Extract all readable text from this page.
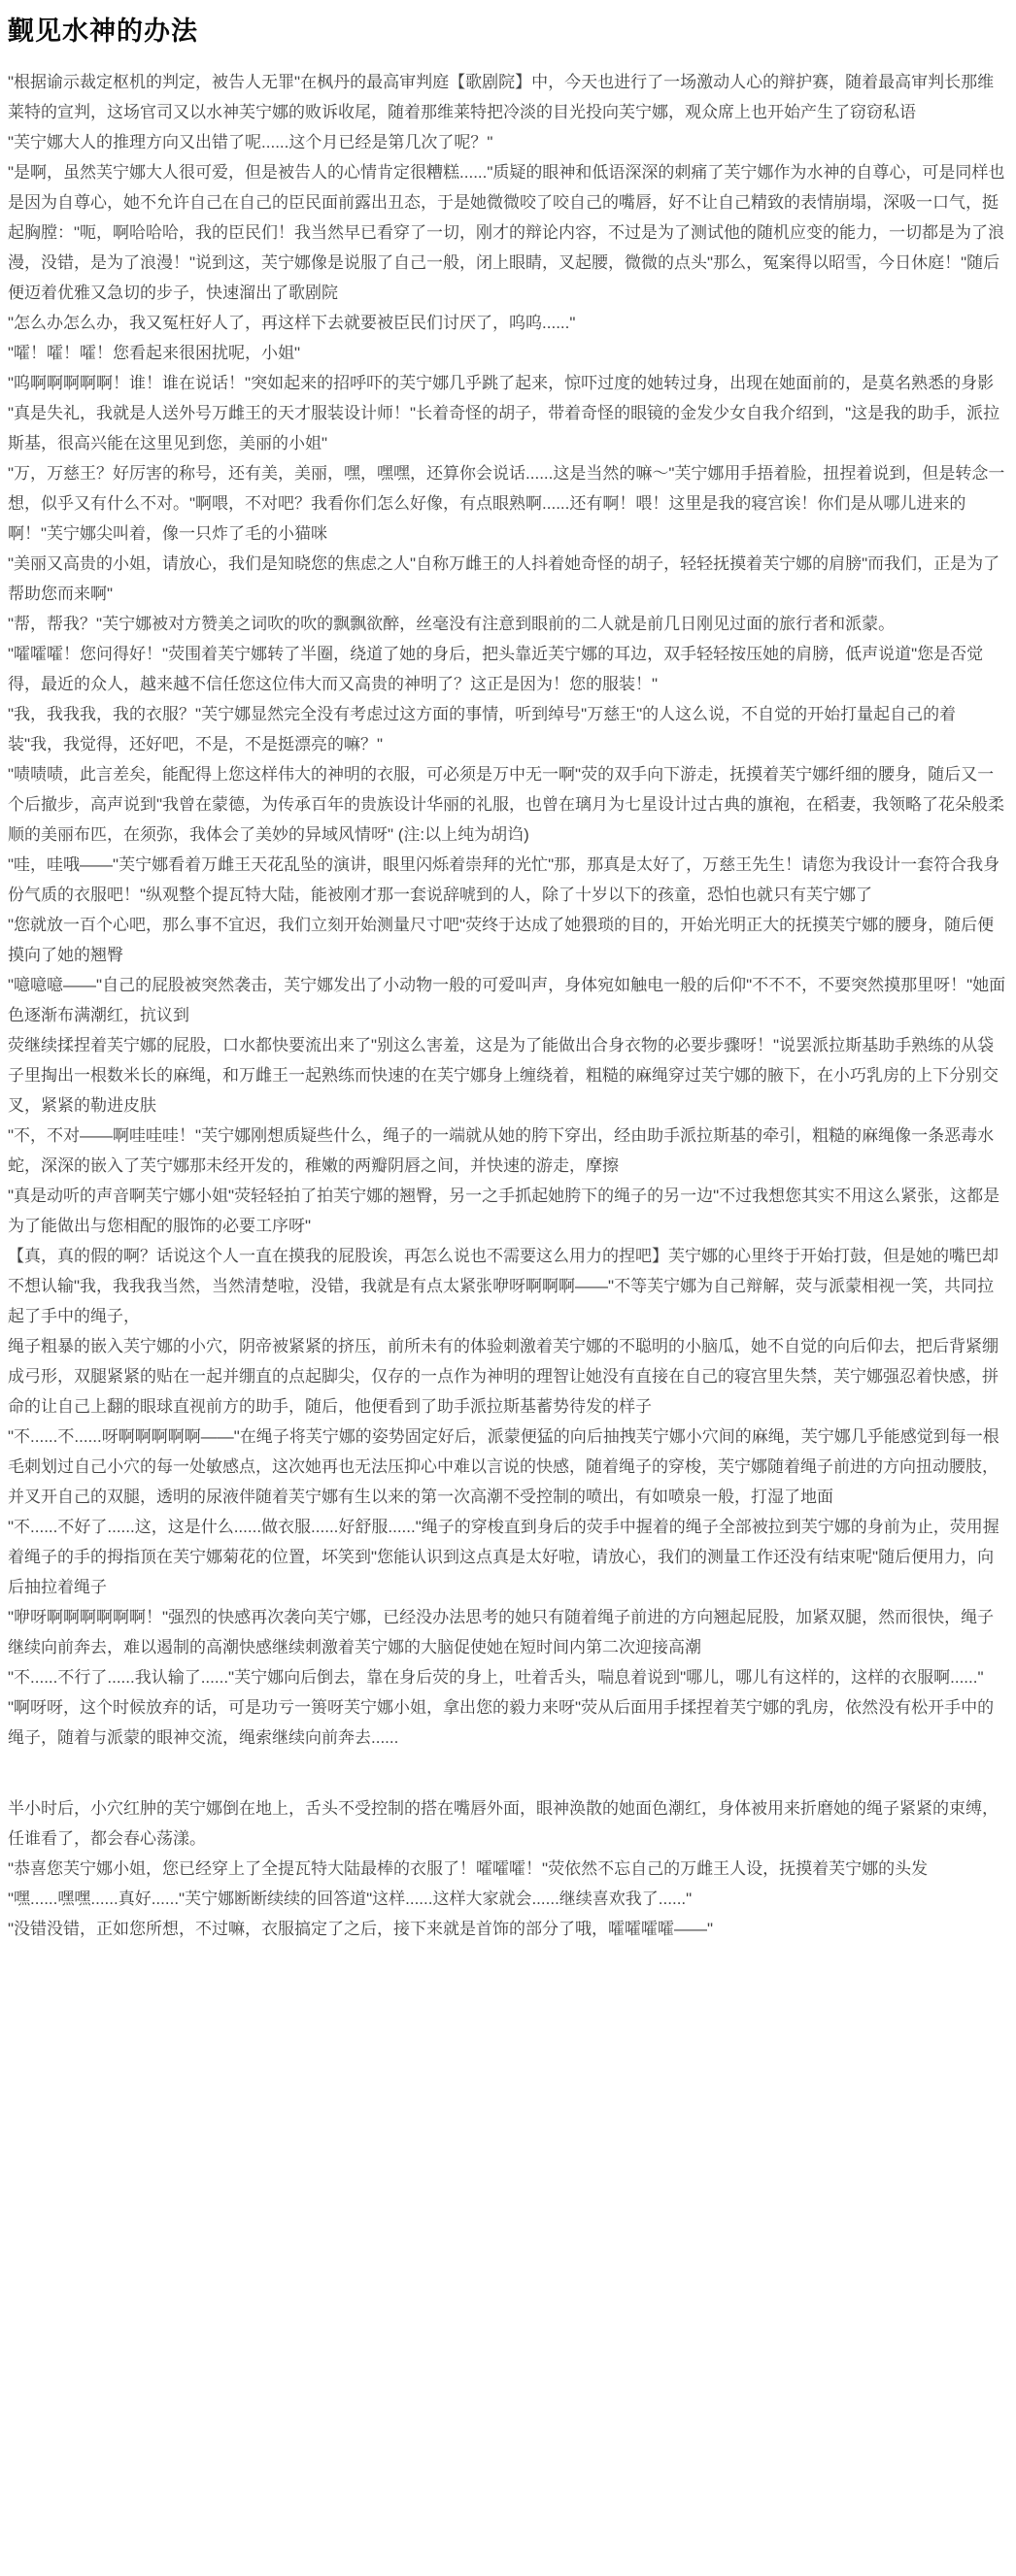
觐见水神的办法

"根据谕示裁定枢机的判定，被告人无罪"在枫丹的最高审判庭【歌剧院】中，今天也进行了一场激动人心的辩护赛，随着最高审判长那维莱特的宣判，这场官司又以水神芙宁娜的败诉收尾，随着那维莱特把冷淡的目光投向芙宁娜，观众席上也开始产生了窃窃私语

"芙宁娜大人的推理方向又出错了呢......这个月已经是第几次了呢？"

"是啊，虽然芙宁娜大人很可爱，但是被告人的心情肯定很糟糕......"质疑的眼神和低语深深的刺痛了芙宁娜作为水神的自尊心，可是同样也是因为自尊心，她不允许自己在自己的臣民面前露出丑态，于是她微微咬了咬自己的嘴唇，好不让自己精致的表情崩塌，深吸一口气，挺起胸膛："呃，啊哈哈哈，我的臣民们！我当然早已看穿了一切，刚才的辩论内容，不过是为了测试他的随机应变的能力，一切都是为了浪漫，没错，是为了浪漫！"说到这，芙宁娜像是说服了自己一般，闭上眼睛，叉起腰，微微的点头"那么，冤案得以昭雪，今日休庭！"随后便迈着优雅又急切的步子，快速溜出了歌剧院

"怎么办怎么办，我又冤枉好人了，再这样下去就要被臣民们讨厌了，呜呜......"

"嚯！嚯！嚯！您看起来很困扰呢，小姐"

"呜啊啊啊啊啊！谁！谁在说话！"突如起来的招呼吓的芙宁娜几乎跳了起来，惊吓过度的她转过身，出现在她面前的，是莫名熟悉的身影

"真是失礼，我就是人送外号万雌王的天才服装设计师！"长着奇怪的胡子，带着奇怪的眼镜的金发少女自我介绍到，"这是我的助手，派拉斯基，很高兴能在这里见到您，美丽的小姐"

"万，万慈王？好厉害的称号，还有美，美丽，嘿，嘿嘿，还算你会说话......这是当然的嘛～"芙宁娜用手捂着脸，扭捏着说到，但是转念一想，似乎又有什么不对。"啊喂，不对吧？我看你们怎么好像，有点眼熟啊......还有啊！喂！这里是我的寝宫诶！你们是从哪儿进来的啊！"芙宁娜尖叫着，像一只炸了毛的小猫咪

"美丽又高贵的小姐，请放心，我们是知晓您的焦虑之人"自称万雌王的人抖着她奇怪的胡子，轻轻抚摸着芙宁娜的肩膀"而我们，正是为了帮助您而来啊"

"帮，帮我？"芙宁娜被对方赞美之词吹的吹的飘飘欲醉，丝毫没有注意到眼前的二人就是前几日刚见过面的旅行者和派蒙。

"嚯嚯嚯！您问得好！"荧围着芙宁娜转了半圈，绕道了她的身后，把头靠近芙宁娜的耳边，双手轻轻按压她的肩膀，低声说道"您是否觉得，最近的众人，越来越不信任您这位伟大而又高贵的神明了？这正是因为！您的服装！"

"我，我我我，我的衣服？"芙宁娜显然完全没有考虑过这方面的事情，听到绰号"万慈王"的人这么说，不自觉的开始打量起自己的着装"我，我觉得，还好吧，不是，不是挺漂亮的嘛？"

"啧啧啧，此言差矣，能配得上您这样伟大的神明的衣服，可必须是万中无一啊"荧的双手向下游走，抚摸着芙宁娜纤细的腰身，随后又一个后撤步，高声说到"我曾在蒙德，为传承百年的贵族设计华丽的礼服，也曾在璃月为七星设计过古典的旗袍，在稻妻，我领略了花朵般柔顺的美丽布匹，在须弥，我体会了美妙的异域风情呀" (注:以上纯为胡诌)

"哇，哇哦——"芙宁娜看着万雌王天花乱坠的演讲，眼里闪烁着崇拜的光忙"那，那真是太好了，万慈王先生！请您为我设计一套符合我身份气质的衣服吧！"纵观整个提瓦特大陆，能被刚才那一套说辞唬到的人，除了十岁以下的孩童，恐怕也就只有芙宁娜了

"您就放一百个心吧，那么事不宜迟，我们立刻开始测量尺寸吧"荧终于达成了她猥琐的目的，开始光明正大的抚摸芙宁娜的腰身，随后便摸向了她的翘臀

"噫噫噫——"自己的屁股被突然袭击，芙宁娜发出了小动物一般的可爱叫声，身体宛如触电一般的后仰"不不不，不要突然摸那里呀！"她面色逐渐布满潮红，抗议到

荧继续揉捏着芙宁娜的屁股，口水都快要流出来了"别这么害羞，这是为了能做出合身衣物的必要步骤呀！"说罢派拉斯基助手熟练的从袋子里掏出一根数米长的麻绳，和万雌王一起熟练而快速的在芙宁娜身上缠绕着，粗糙的麻绳穿过芙宁娜的腋下，在小巧乳房的上下分别交叉，紧紧的勒进皮肤

"不，不对——啊哇哇哇！"芙宁娜刚想质疑些什么，绳子的一端就从她的胯下穿出，经由助手派拉斯基的牵引，粗糙的麻绳像一条恶毒水蛇，深深的嵌入了芙宁娜那未经开发的，稚嫩的两瓣阴唇之间，并快速的游走，摩擦

"真是动听的声音啊芙宁娜小姐"荧轻轻拍了拍芙宁娜的翘臀，另一之手抓起她胯下的绳子的另一边"不过我想您其实不用这么紧张，这都是为了能做出与您相配的服饰的必要工序呀"

【真，真的假的啊？话说这个人一直在摸我的屁股诶，再怎么说也不需要这么用力的捏吧】芙宁娜的心里终于开始打鼓，但是她的嘴巴却不想认输"我，我我我当然，当然清楚啦，没错，我就是有点太紧张咿呀啊啊啊——"不等芙宁娜为自己辩解，荧与派蒙相视一笑，共同拉起了手中的绳子，

绳子粗暴的嵌入芙宁娜的小穴，阴帝被紧紧的挤压，前所未有的体验刺激着芙宁娜的不聪明的小脑瓜，她不自觉的向后仰去，把后背紧绷成弓形，双腿紧紧的贴在一起并绷直的点起脚尖，仅存的一点作为神明的理智让她没有直接在自己的寝宫里失禁，芙宁娜强忍着快感，拼命的让自己上翻的眼球直视前方的助手，随后，他便看到了助手派拉斯基蓄势待发的样子

"不......不......呀啊啊啊啊啊——"在绳子将芙宁娜的姿势固定好后，派蒙便猛的向后抽拽芙宁娜小穴间的麻绳，芙宁娜几乎能感觉到每一根毛刺划过自己小穴的每一处敏感点，这次她再也无法压抑心中难以言说的快感，随着绳子的穿梭，芙宁娜随着绳子前进的方向扭动腰肢，并叉开自己的双腿，透明的尿液伴随着芙宁娜有生以来的第一次高潮不受控制的喷出，有如喷泉一般，打湿了地面

"不......不好了......这，这是什么......做衣服......好舒服......"绳子的穿梭直到身后的荧手中握着的绳子全部被拉到芙宁娜的身前为止，荧用握着绳子的手的拇指顶在芙宁娜菊花的位置，坏笑到"您能认识到这点真是太好啦，请放心，我们的测量工作还没有结束呢"随后便用力，向后抽拉着绳子

"咿呀啊啊啊啊啊啊！"强烈的快感再次袭向芙宁娜，已经没办法思考的她只有随着绳子前进的方向翘起屁股，加紧双腿，然而很快，绳子继续向前奔去，难以遏制的高潮快感继续刺激着芙宁娜的大脑促使她在短时间内第二次迎接高潮

"不......不行了......我认输了......"芙宁娜向后倒去，靠在身后荧的身上，吐着舌头，喘息着说到"哪儿，哪儿有这样的，这样的衣服啊......"

"啊呀呀，这个时候放弃的话，可是功亏一篑呀芙宁娜小姐，拿出您的毅力来呀"荧从后面用手揉捏着芙宁娜的乳房，依然没有松开手中的绳子，随着与派蒙的眼神交流，绳索继续向前奔去......

半小时后，小穴红肿的芙宁娜倒在地上，舌头不受控制的搭在嘴唇外面，眼神涣散的她面色潮红，身体被用来折磨她的绳子紧紧的束缚，任谁看了，都会春心荡漾。

"恭喜您芙宁娜小姐，您已经穿上了全提瓦特大陆最棒的衣服了！嚯嚯嚯！"荧依然不忘自己的万雌王人设，抚摸着芙宁娜的头发

"嘿......嘿嘿......真好......"芙宁娜断断续续的回答道"这样......这样大家就会......继续喜欢我了......"

"没错没错，正如您所想，不过嘛，衣服搞定了之后，接下来就是首饰的部分了哦，嚯嚯嚯嚯——"
